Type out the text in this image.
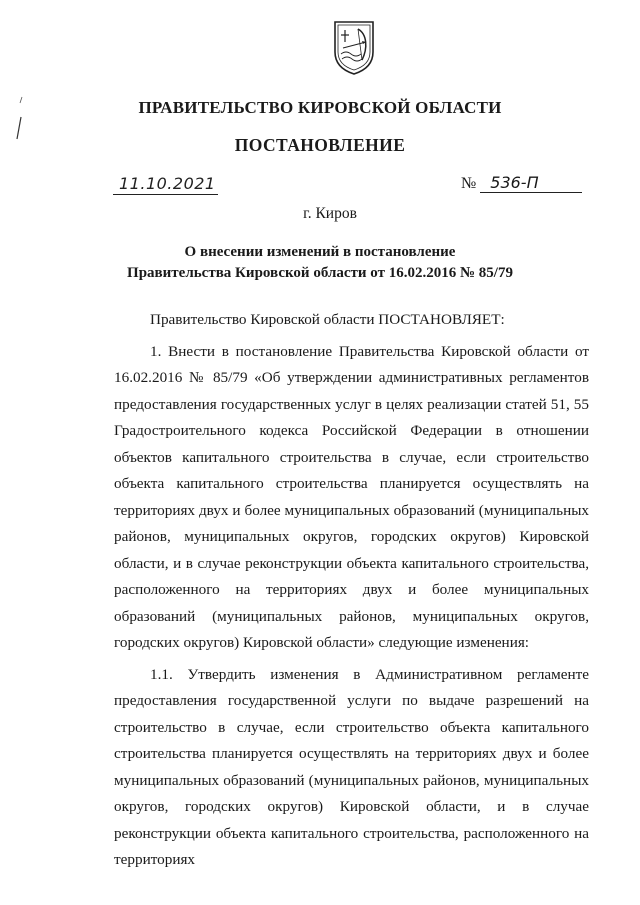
ПРАВИТЕЛЬСТВО КИРОВСКОЙ ОБЛАСТИ
ПОСТАНОВЛЕНИЕ
11.10.2021	№ 536-П
г. Киров
О внесении изменений в постановление
Правительства Кировской области от 16.02.2016 № 85/79

Правительство Кировской области ПОСТАНОВЛЯЕТ:

1. Внести в постановление Правительства Кировской области от 16.02.2016 № 85/79 «Об утверждении административных регламентов предоставления государственных услуг в целях реализации статей 51, 55 Градостроительного кодекса Российской Федерации в отношении объектов капитального строительства в случае, если строительство объекта капитального строительства планируется осуществлять на территориях двух и более муниципальных образований (муниципальных районов, муниципальных округов, городских округов) Кировской области, и в случае реконструкции объекта капитального строительства, расположенного на территориях двух и более муниципальных образований (муниципальных районов, муниципальных округов, городских округов) Кировской области» следующие изменения:

1.1. Утвердить изменения в Административном регламенте предоставления государственной услуги по выдаче разрешений на строительство в случае, если строительство объекта капитального строительства планируется осуществлять на территориях двух и более муниципальных образований (муниципальных районов, муниципальных округов, городских округов) Кировской области, и в случае реконструкции объекта капитального строительства, расположенного на территориях
